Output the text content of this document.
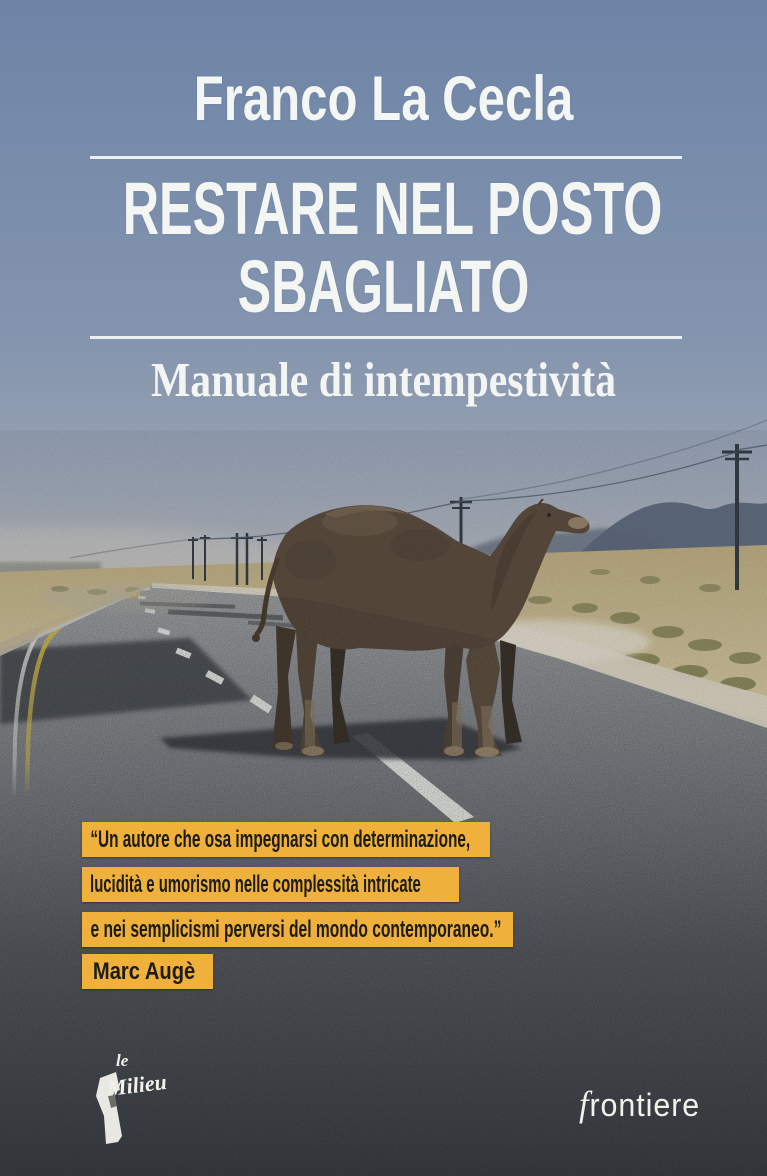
Franco La Cecla
RESTARE NEL POSTO
SBAGLIATO
Manuale di intempestività
“Un autore che osa impegnarsi con determinazione,
lucidità e umorismo nelle complessità intricate
e nei semplicismi perversi del mondo contemporaneo.”
Marc Augè
le
Milieu	frontiere
